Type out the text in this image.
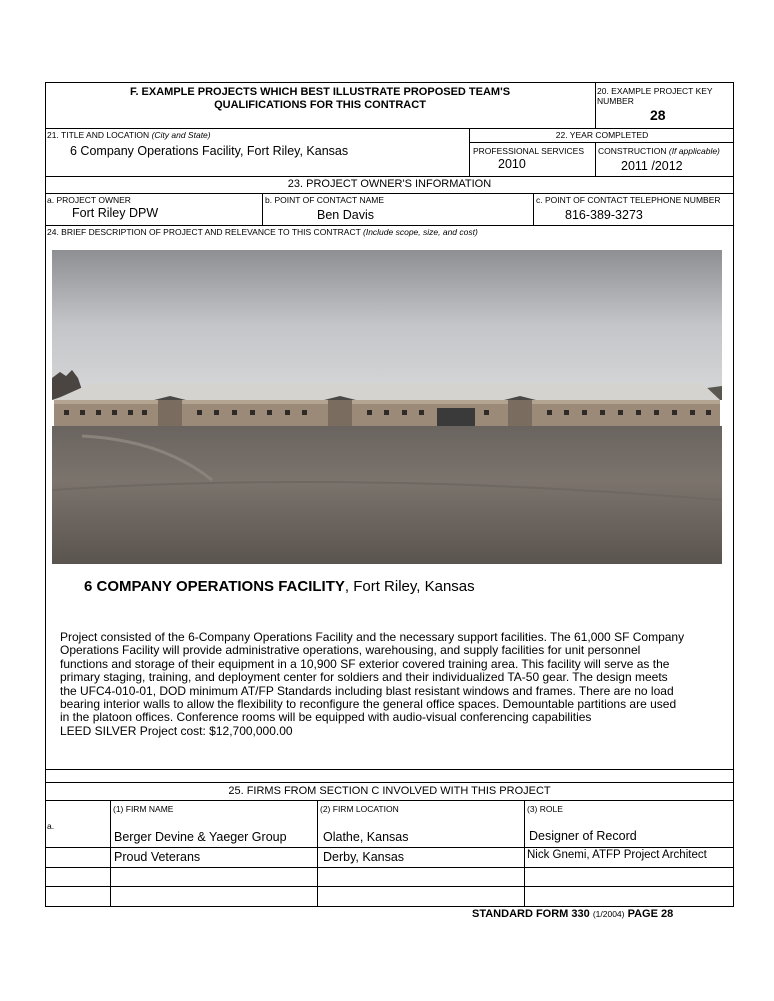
F. EXAMPLE PROJECTS WHICH BEST ILLUSTRATE PROPOSED TEAM'S
QUALIFICATIONS FOR THIS CONTRACT
20. EXAMPLE PROJECT KEY
NUMBER
28
21. TITLE AND LOCATION (City and State)
6 Company Operations Facility, Fort Riley, Kansas
22. YEAR COMPLETED
PROFESSIONAL SERVICES
2010
CONSTRUCTION (If applicable)
2011 /2012
23. PROJECT OWNER'S INFORMATION
a. PROJECT OWNER
Fort Riley DPW
b. POINT OF CONTACT NAME
Ben Davis
c. POINT OF CONTACT TELEPHONE NUMBER
816-389-3273
24. BRIEF DESCRIPTION OF PROJECT AND RELEVANCE TO THIS CONTRACT (Include scope, size, and cost)
6 COMPANY OPERATIONS FACILITY, Fort Riley, Kansas
Project consisted of the 6-Company Operations Facility and the necessary support facilities. The 61,000 SF Company
Operations Facility will provide administrative operations, warehousing, and supply facilities for unit personnel
functions and storage of their equipment in a 10,900 SF exterior covered training area. This facility will serve as the
primary staging, training, and deployment center for soldiers and their individualized TA-50 gear. The design meets
the UFC4-010-01, DOD minimum AT/FP Standards including blast resistant windows and frames. There are no load
bearing interior walls to allow the flexibility to reconfigure the general office spaces. Demountable partitions are used
in the platoon offices. Conference rooms will be equipped with audio-visual conferencing capabilities
LEED SILVER Project cost: $12,700,000.00
25. FIRMS FROM SECTION C INVOLVED WITH THIS PROJECT
(1) FIRM NAME	(2) FIRM LOCATION	(3) ROLE
a.
Berger Devine & Yaeger Group	Olathe, Kansas	Designer of Record
Proud Veterans	Derby, Kansas	Nick Gnemi, ATFP Project Architect
STANDARD FORM 330 (1/2004) PAGE 28
